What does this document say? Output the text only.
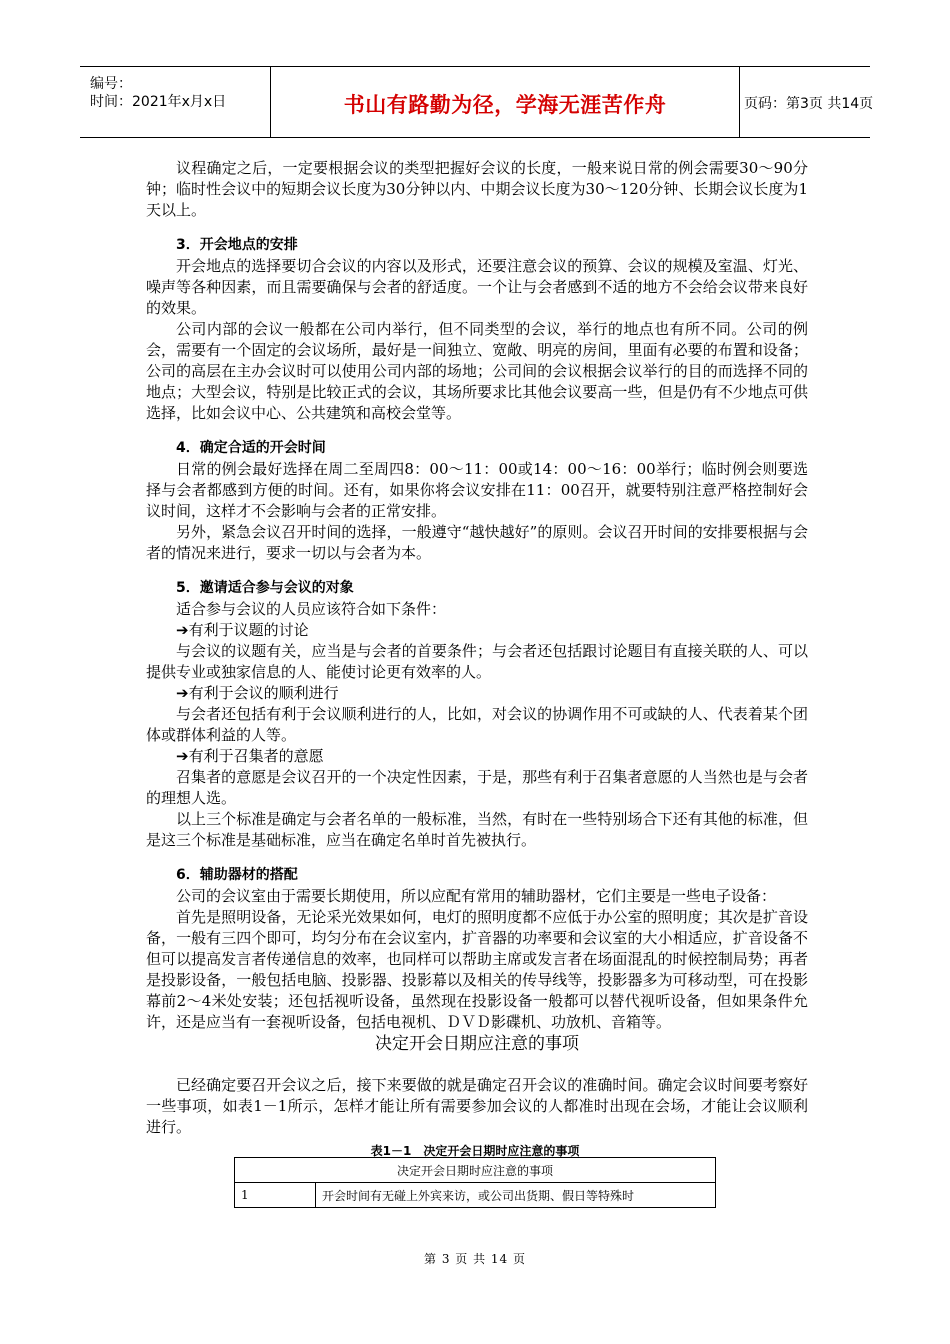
编号：
时间：2021年x月x日	书山有路勤为径，学海无涯苦作舟	页码：第3页 共14页

议程确定之后，一定要根据会议的类型把握好会议的长度，一般来说日常的例会需要30～90分钟；临时性会议中的短期会议长度为30分钟以内、中期会议长度为30～120分钟、长期会议长度为1天以上。

3．开会地点的安排

开会地点的选择要切合会议的内容以及形式，还要注意会议的预算、会议的规模及室温、灯光、噪声等各种因素，而且需要确保与会者的舒适度。一个让与会者感到不适的地方不会给会议带来良好的效果。

公司内部的会议一般都在公司内举行，但不同类型的会议，举行的地点也有所不同。公司的例会，需要有一个固定的会议场所，最好是一间独立、宽敞、明亮的房间，里面有必要的布置和设备；公司的高层在主办会议时可以使用公司内部的场地；公司间的会议根据会议举行的目的而选择不同的地点；大型会议，特别是比较正式的会议，其场所要求比其他会议要高一些，但是仍有不少地点可供选择，比如会议中心、公共建筑和高校会堂等。

4．确定合适的开会时间

日常的例会最好选择在周二至周四8：00～11：00或14：00～16：00举行；临时例会则要选择与会者都感到方便的时间。还有，如果你将会议安排在11：00召开，就要特别注意严格控制好会议时间，这样才不会影响与会者的正常安排。

另外，紧急会议召开时间的选择，一般遵守“越快越好”的原则。会议召开时间的安排要根据与会者的情况来进行，要求一切以与会者为本。

5．邀请适合参与会议的对象

适合参与会议的人员应该符合如下条件：

➔有利于议题的讨论

与会议的议题有关，应当是与会者的首要条件；与会者还包括跟讨论题目有直接关联的人、可以提供专业或独家信息的人、能使讨论更有效率的人。

➔有利于会议的顺利进行

与会者还包括有利于会议顺利进行的人，比如，对会议的协调作用不可或缺的人、代表着某个团体或群体利益的人等。

➔有利于召集者的意愿

召集者的意愿是会议召开的一个决定性因素，于是，那些有利于召集者意愿的人当然也是与会者的理想人选。

以上三个标准是确定与会者名单的一般标准，当然，有时在一些特别场合下还有其他的标准，但是这三个标准是基础标准，应当在确定名单时首先被执行。

6．辅助器材的搭配

公司的会议室由于需要长期使用，所以应配有常用的辅助器材，它们主要是一些电子设备：

首先是照明设备，无论采光效果如何，电灯的照明度都不应低于办公室的照明度；其次是扩音设备，一般有三四个即可，均匀分布在会议室内，扩音器的功率要和会议室的大小相适应，扩音设备不但可以提高发言者传递信息的效率，也同样可以帮助主席或发言者在场面混乱的时候控制局势；再者是投影设备，一般包括电脑、投影器、投影幕以及相关的传导线等，投影器多为可移动型，可在投影幕前2～4米处安装；还包括视听设备，虽然现在投影设备一般都可以替代视听设备，但如果条件允许，还是应当有一套视听设备，包括电视机、ＤＶＤ影碟机、功放机、音箱等。

决定开会日期应注意的事项

已经确定要召开会议之后，接下来要做的就是确定召开会议的准确时间。确定会议时间要考察好一些事项，如表1－1所示，怎样才能让所有需要参加会议的人都准时出现在会场，才能让会议顺利进行。

表1－1　决定开会日期时应注意的事项
决定开会日期时应注意的事项
1	开会时间有无碰上外宾来访，或公司出货期、假日等特殊时
第 3 页 共 14 页
